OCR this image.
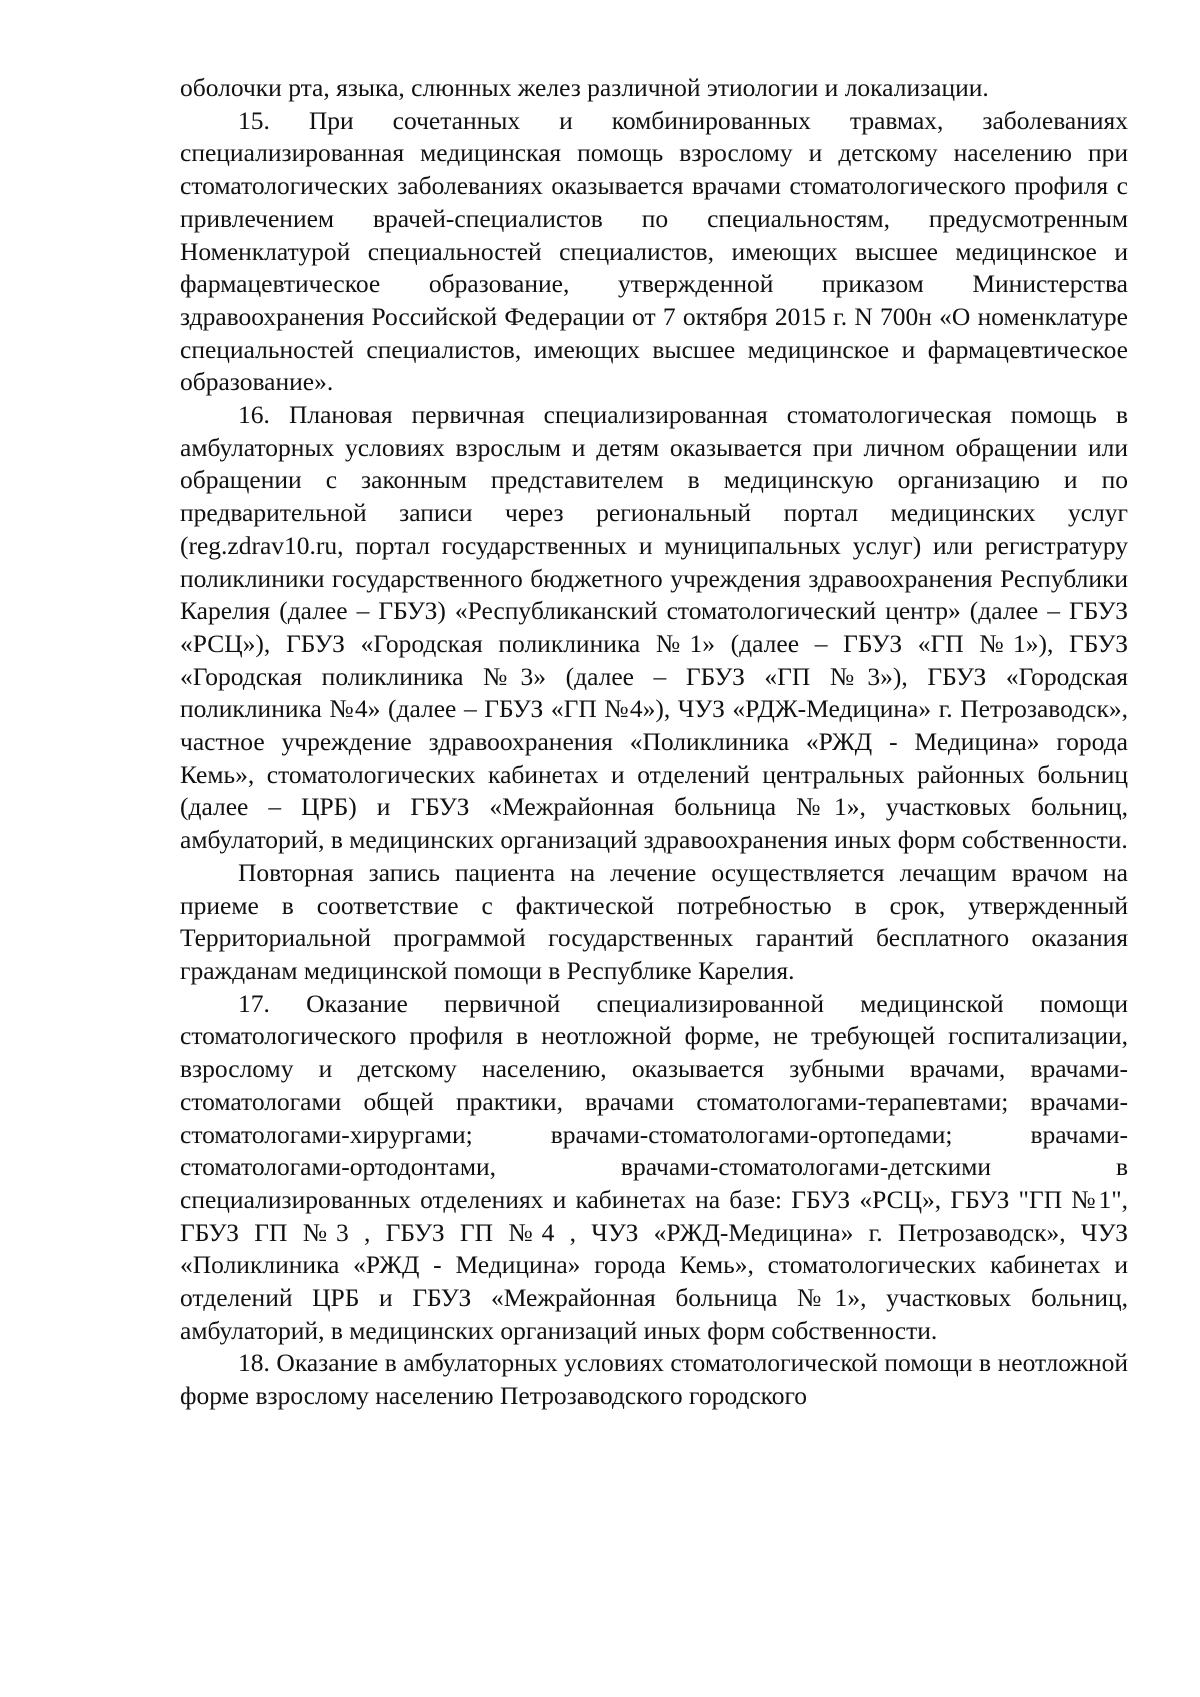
оболочки рта, языка, слюнных желез различной этиологии и локализации.

15. При сочетанных и комбинированных травмах, заболеваниях специализированная медицинская помощь взрослому и детскому населению при стоматологических заболеваниях оказывается врачами стоматологического профиля с привлечением врачей-специалистов по специальностям, предусмотренным Номенклатурой специальностей специалистов, имеющих высшее медицинское и фармацевтическое образование, утвержденной приказом Министерства здравоохранения Российской Федерации от 7 октября 2015 г. N 700н «О номенклатуре специальностей специалистов, имеющих высшее медицинское и фармацевтическое образование».

16. Плановая первичная специализированная стоматологическая помощь в амбулаторных условиях взрослым и детям оказывается при личном обращении или обращении с законным представителем в медицинскую организацию и по предварительной записи через региональный портал медицинских услуг (reg.zdrav10.ru, портал государственных и муниципальных услуг) или регистратуру поликлиники государственного бюджетного учреждения здравоохранения Республики Карелия (далее – ГБУЗ) «Республиканский стоматологический центр» (далее – ГБУЗ «РСЦ»), ГБУЗ «Городская поликлиника №1» (далее – ГБУЗ «ГП №1»), ГБУЗ «Городская поликлиника №3» (далее – ГБУЗ «ГП №3»), ГБУЗ «Городская поликлиника №4» (далее – ГБУЗ «ГП №4»), ЧУЗ «РДЖ-Медицина» г. Петрозаводск», частное учреждение здравоохранения «Поликлиника «РЖД - Медицина» города Кемь», стоматологических кабинетах и отделений центральных районных больниц (далее – ЦРБ) и ГБУЗ «Межрайонная больница №1», участковых больниц, амбулаторий, в медицинских организаций здравоохранения иных форм собственности.

Повторная запись пациента на лечение осуществляется лечащим врачом на приеме в соответствие с фактической потребностью в срок, утвержденный Территориальной программой государственных гарантий бесплатного оказания гражданам медицинской помощи в Республике Карелия.

17. Оказание первичной специализированной медицинской помощи стоматологического профиля в неотложной форме, не требующей госпитализации, взрослому и детскому населению, оказывается зубными врачами, врачами-стоматологами общей практики, врачами стоматологами-терапевтами; врачами-стоматологами-хирургами; врачами-стоматологами-ортопедами; врачами-стоматологами-ортодонтами, врачами-стоматологами-детскими в специализированных отделениях и кабинетах на базе: ГБУЗ «РСЦ», ГБУЗ "ГП №1", ГБУЗ ГП №3 , ГБУЗ ГП №4 , ЧУЗ «РЖД-Медицина» г. Петрозаводск», ЧУЗ «Поликлиника «РЖД - Медицина» города Кемь», стоматологических кабинетах и отделений ЦРБ и ГБУЗ «Межрайонная больница №1», участковых больниц, амбулаторий, в медицинских организаций иных форм собственности.

18. Оказание в амбулаторных условиях стоматологической помощи в неотложной форме взрослому населению Петрозаводского городского
